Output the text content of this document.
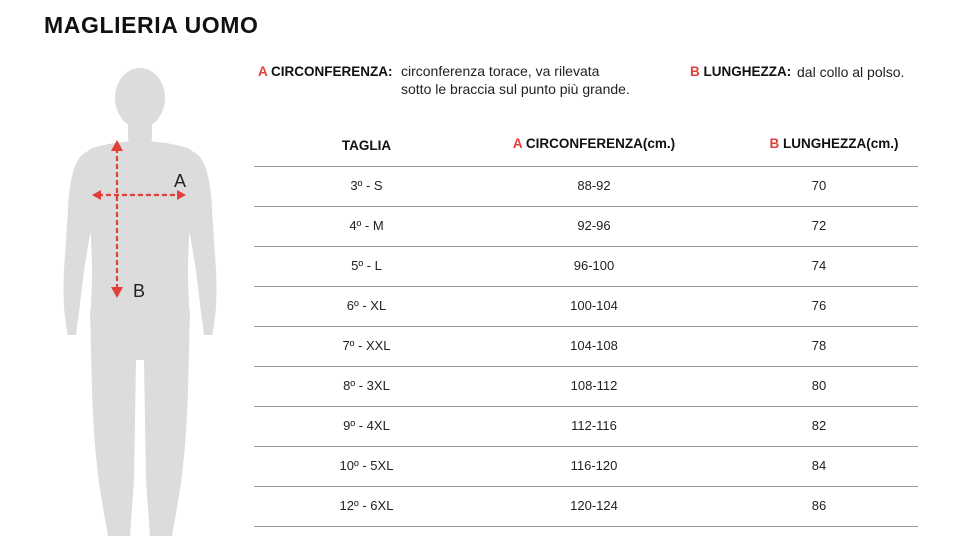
MAGLIERIA UOMO
A
B
A CIRCONFERENZA: circonferenza torace, va rilevata
sotto le braccia sul punto più grande.
B LUNGHEZZA: dal collo al polso.
TAGLIA	A CIRCONFERENZA(cm.)	B LUNGHEZZA(cm.)
3º - S	88-92	70
4º - M	92-96	72
5º - L	96-100	74
6º - XL	100-104	76
7º - XXL	104-108	78
8º - 3XL	108-112	80
9º - 4XL	112-116	82
10º - 5XL	116-120	84
12º - 6XL	120-124	86
